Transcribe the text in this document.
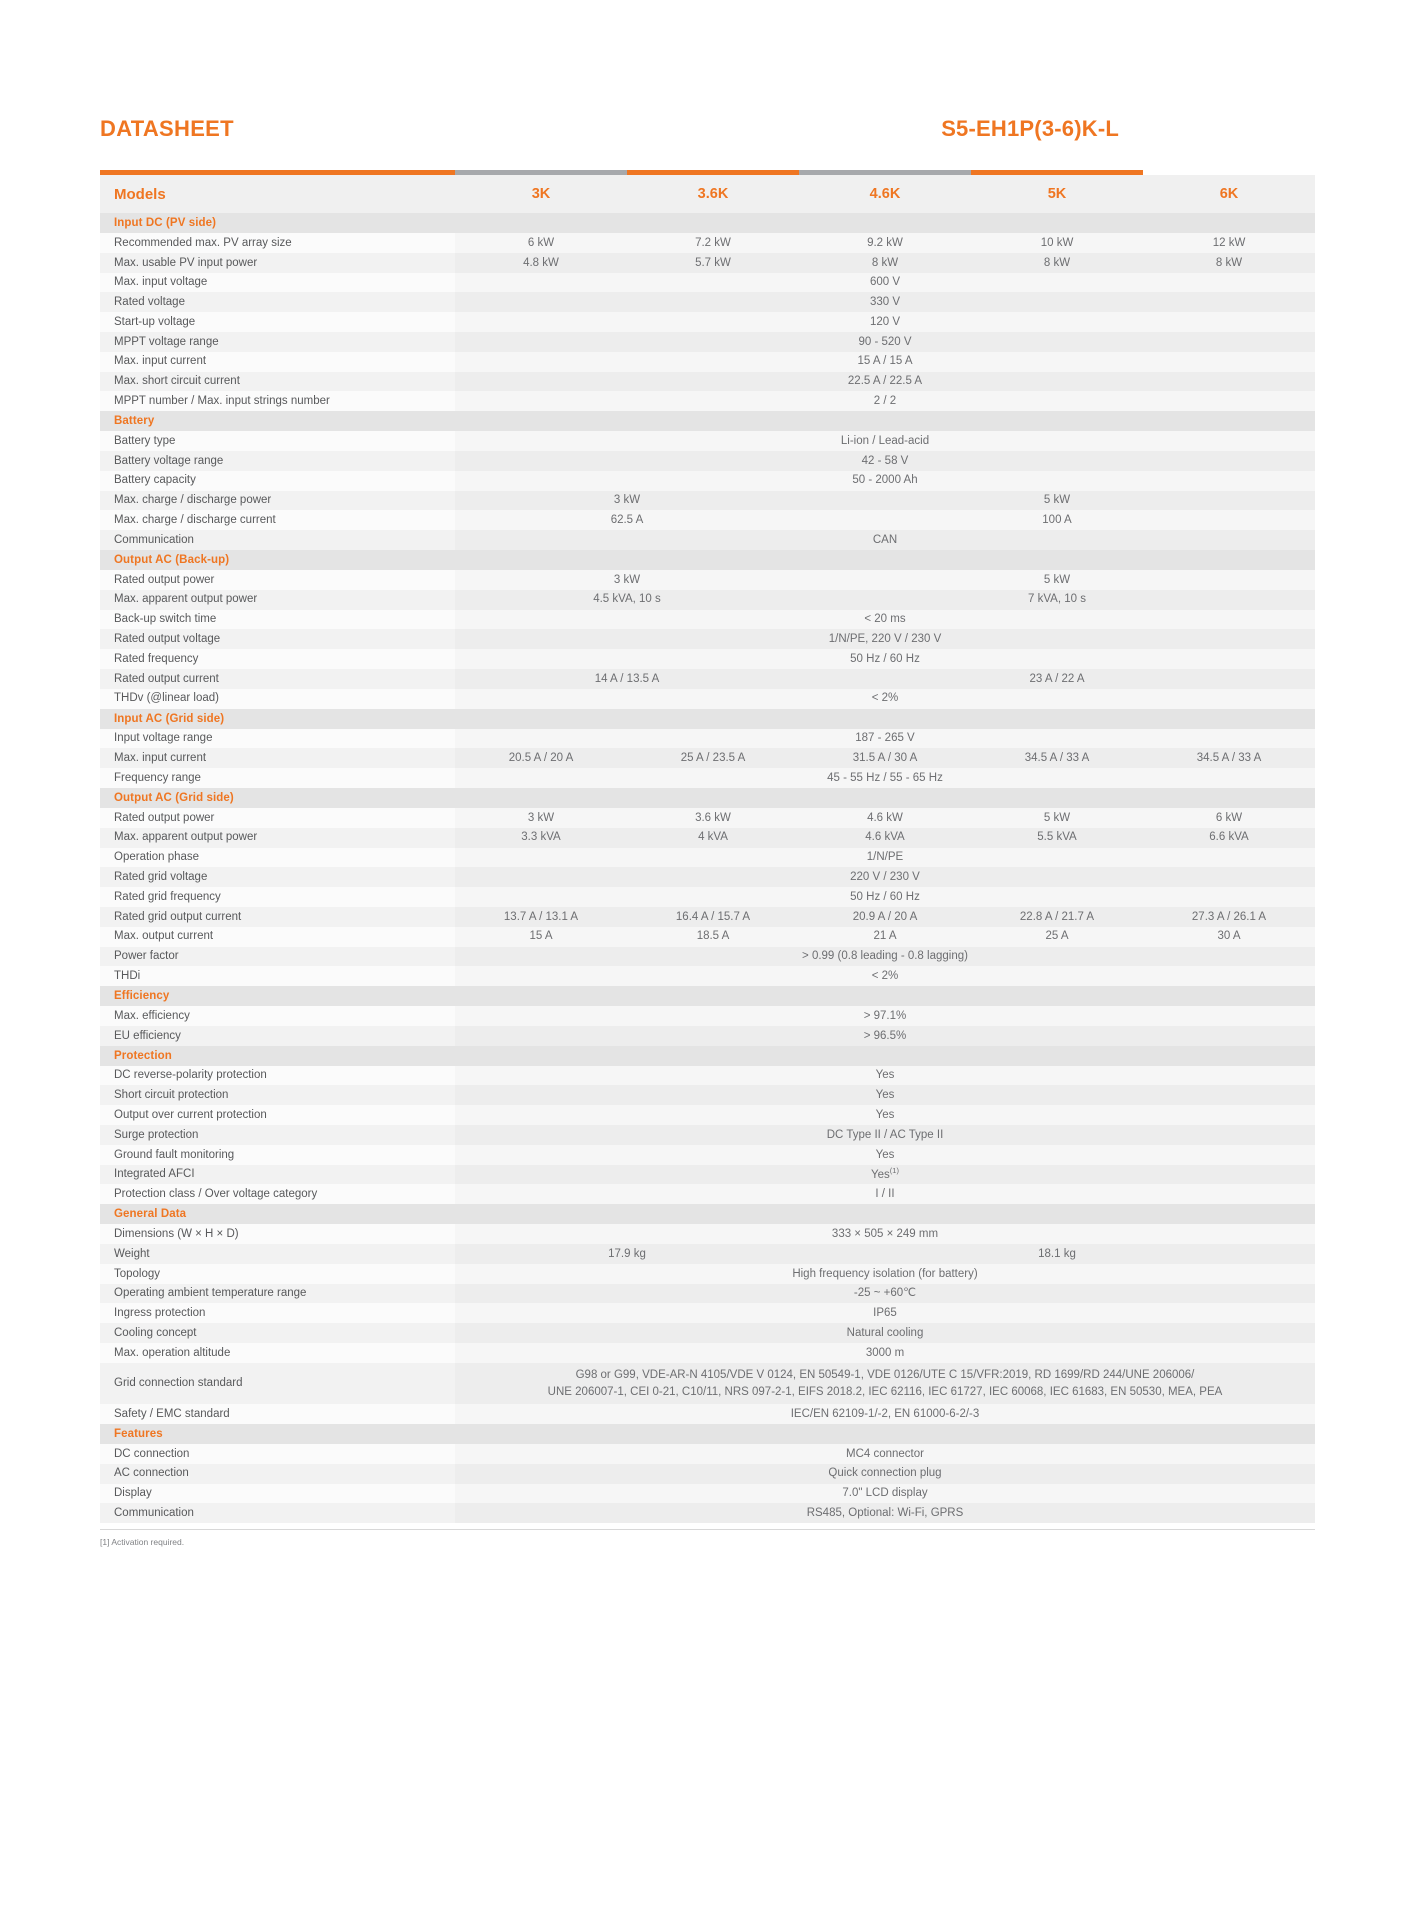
DATASHEET	S5-EH1P(3-6)K-L

Models	3K	3.6K	4.6K	5K	6K
Input DC (PV side)					
Recommended max. PV array size	6 kW	7.2 kW	9.2 kW	10 kW	12 kW
Max. usable PV input power	4.8 kW	5.7 kW	8 kW	8 kW	8 kW
Max. input voltage	600 V				
Rated voltage	330 V				
Start-up voltage	120 V				
MPPT voltage range	90 - 520 V				
Max. input current	15 A / 15 A				
Max. short circuit current	22.5 A / 22.5 A				
MPPT number / Max. input strings number	2 / 2				
Battery					
Battery type	Li-ion / Lead-acid				
Battery voltage range	42 - 58 V				
Battery capacity	50 - 2000 Ah				
Max. charge / discharge power	3 kW		5 kW		
Max. charge / discharge current	62.5 A		100 A		
Communication	CAN				
Output AC (Back-up)					
Rated output power	3 kW		5 kW		
Max. apparent output power	4.5 kVA, 10 s		7 kVA, 10 s		
Back-up switch time	< 20 ms				
Rated output voltage	1/N/PE, 220 V / 230 V				
Rated frequency	50 Hz / 60 Hz				
Rated output current	14 A / 13.5 A		23 A / 22 A		
THDv (@linear load)	< 2%				
Input AC (Grid side)					
Input voltage range	187 - 265 V				
Max. input current	20.5 A / 20 A	25 A / 23.5 A	31.5 A / 30 A	34.5 A / 33 A	34.5 A / 33 A
Frequency range	45 - 55 Hz / 55 - 65 Hz				
Output AC (Grid side)					
Rated output power	3 kW	3.6 kW	4.6 kW	5 kW	6 kW
Max. apparent output power	3.3 kVA	4 kVA	4.6 kVA	5.5 kVA	6.6 kVA
Operation phase	1/N/PE				
Rated grid voltage	220 V / 230 V				
Rated grid frequency	50 Hz / 60 Hz				
Rated grid output current	13.7 A / 13.1 A	16.4 A / 15.7 A	20.9 A / 20 A	22.8 A / 21.7 A	27.3 A / 26.1 A
Max. output current	15 A	18.5 A	21 A	25 A	30 A
Power factor	> 0.99 (0.8 leading - 0.8 lagging)				
THDi	< 2%				
Efficiency					
Max. efficiency	> 97.1%				
EU efficiency	> 96.5%				
Protection					
DC reverse-polarity protection	Yes				
Short circuit protection	Yes				
Output over current protection	Yes				
Surge protection	DC Type II / AC Type II				
Ground fault monitoring	Yes				
Integrated AFCI	Yes$^{(1)}$
Protection class / Over voltage category	I / II				
General Data					
Dimensions (W × H × D)	333 × 505 × 249 mm				
Weight	17.9 kg		18.1 kg		
Topology	High frequency isolation (for battery)				
Operating ambient temperature range	-25 ~ +60℃				
Ingress protection	IP65				
Cooling concept	Natural cooling				
Max. operation altitude	3000 m				
Grid connection standard	G98 or G99, VDE-AR-N 4105/VDE V 0124, EN 50549-1, VDE 0126/UTE C 15/VFR:2019, RD 1699/RD 244/UNE 206006/
UNE 206007-1, CEI 0-21, C10/11, NRS 097-2-1, EIFS 2018.2, IEC 62116, IEC 61727, IEC 60068, IEC 61683, EN 50530, MEA, PEA				
Safety / EMC standard	IEC/EN 62109-1/-2, EN 61000-6-2/-3				
Features					
DC connection	MC4 connector				
AC connection	Quick connection plug				
Display	7.0" LCD display				
Communication	RS485, Optional: Wi-Fi, GPRS				
[1] Activation required.
